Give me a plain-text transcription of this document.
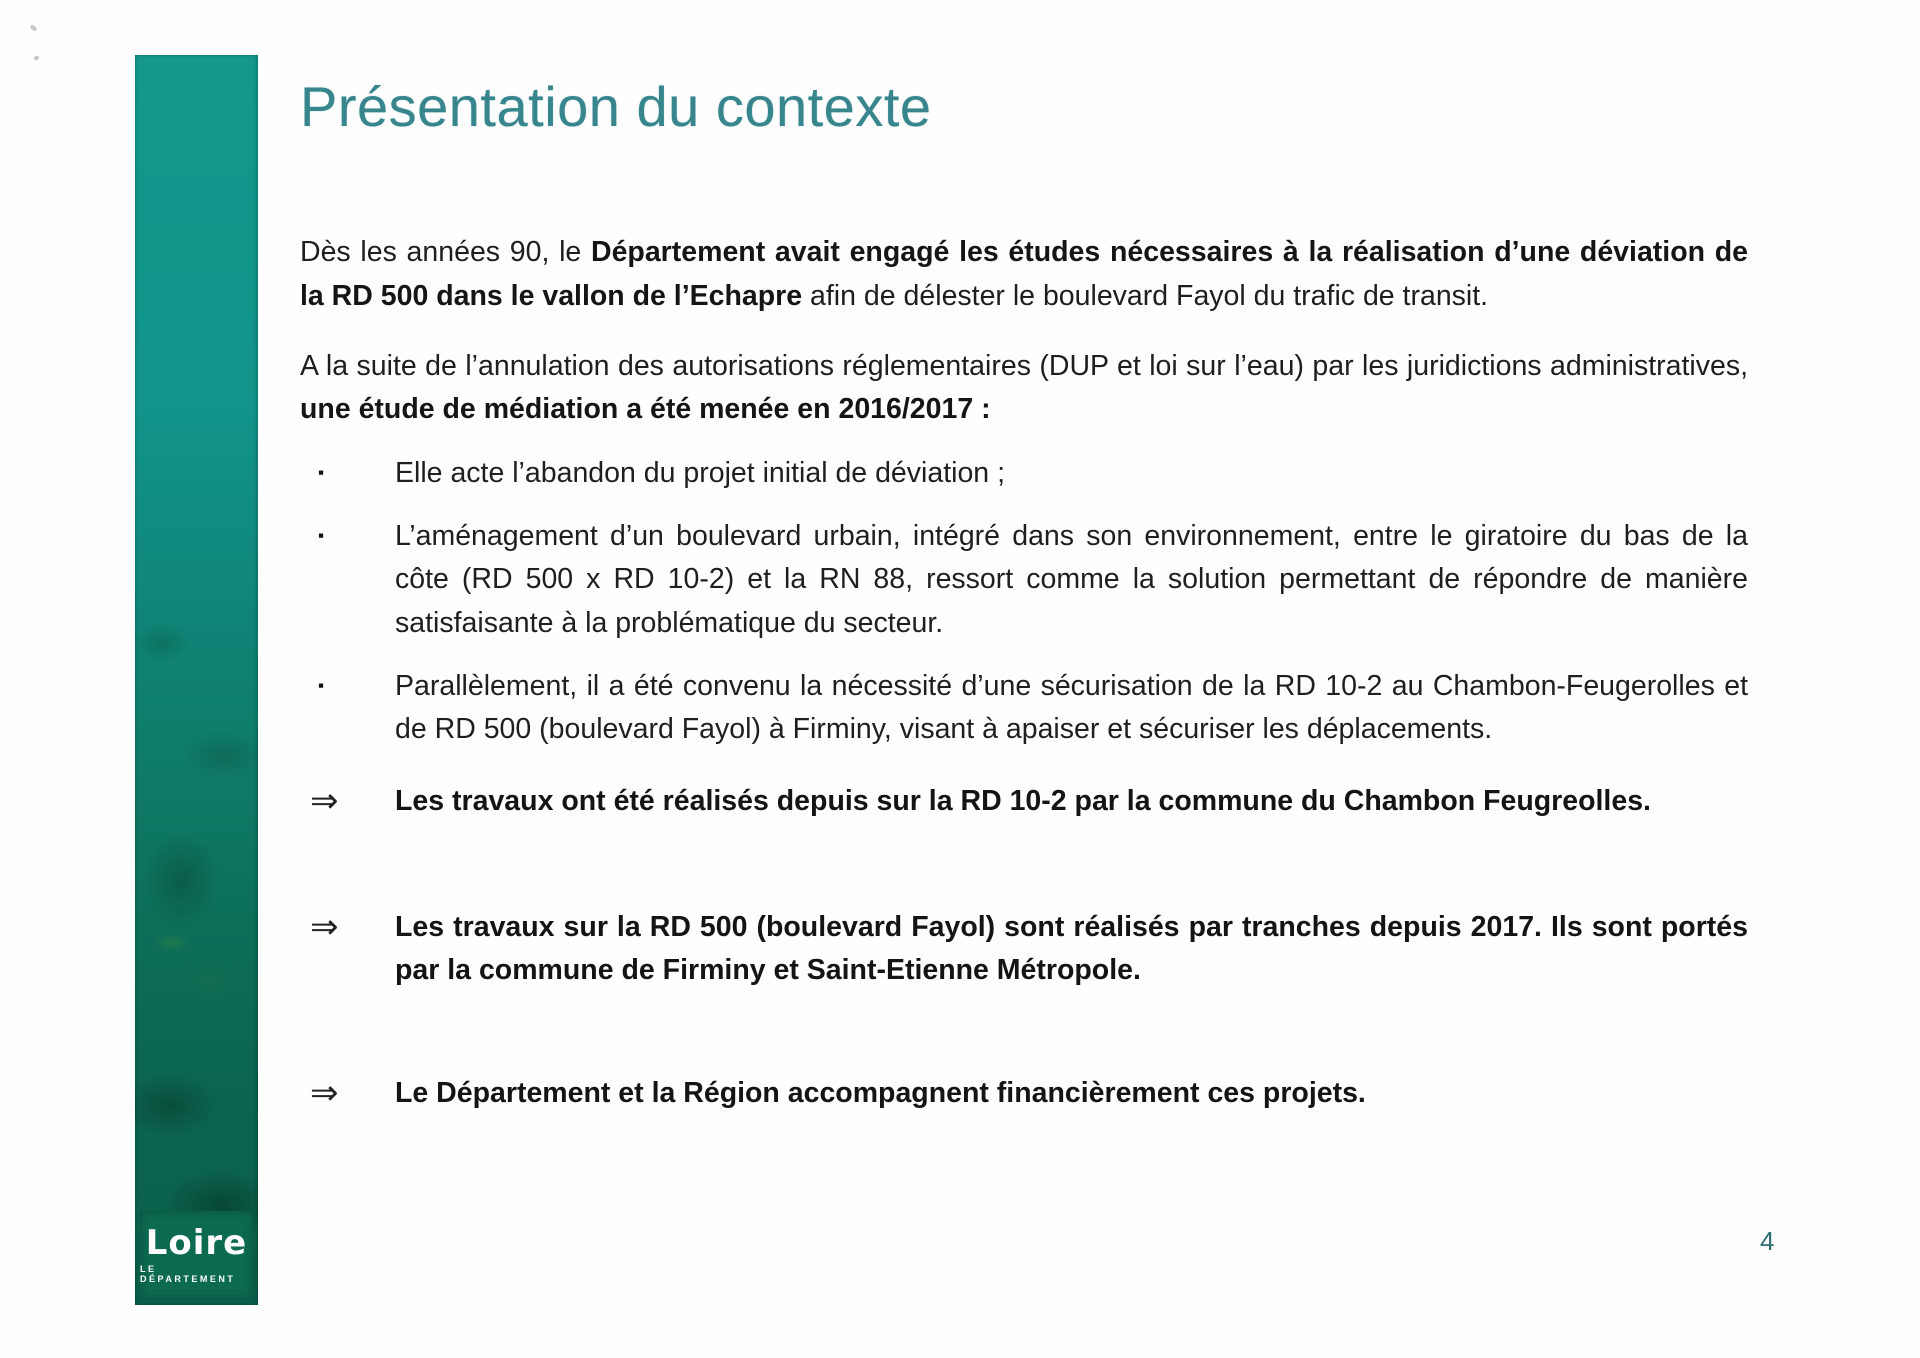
Loire
LE DÉPARTEMENT
Présentation du contexte

Dès les années 90, le Département avait engagé les études nécessaires à la réalisation d’une déviation de la RD 500 dans le vallon de l’Echapre afin de délester le boulevard Fayol du trafic de transit.

A la suite de l’annulation des autorisations réglementaires (DUP et loi sur l’eau) par les juridictions administratives, une étude de médiation a été menée en 2016/2017 :

▪	Elle acte l’abandon du projet initial de déviation ;
▪	L’aménagement d’un boulevard urbain, intégré dans son environnement, entre le giratoire du bas de la côte (RD 500 x RD 10-2) et la RN 88, ressort comme la solution permettant de répondre de manière satisfaisante à la problématique du secteur.
▪	Parallèlement, il a été convenu la nécessité d’une sécurisation de la RD 10-2 au Chambon-Feugerolles et de RD 500 (boulevard Fayol) à Firminy, visant à apaiser et sécuriser les déplacements.
⇒	Les travaux ont été réalisés depuis sur la RD 10-2 par la commune du Chambon Feugreolles.
⇒	Les travaux sur la RD 500 (boulevard Fayol) sont réalisés par tranches depuis 2017. Ils sont portés par la commune de Firminy et Saint-Etienne Métropole.
⇒	Le Département et la Région accompagnent financièrement ces projets.
4
